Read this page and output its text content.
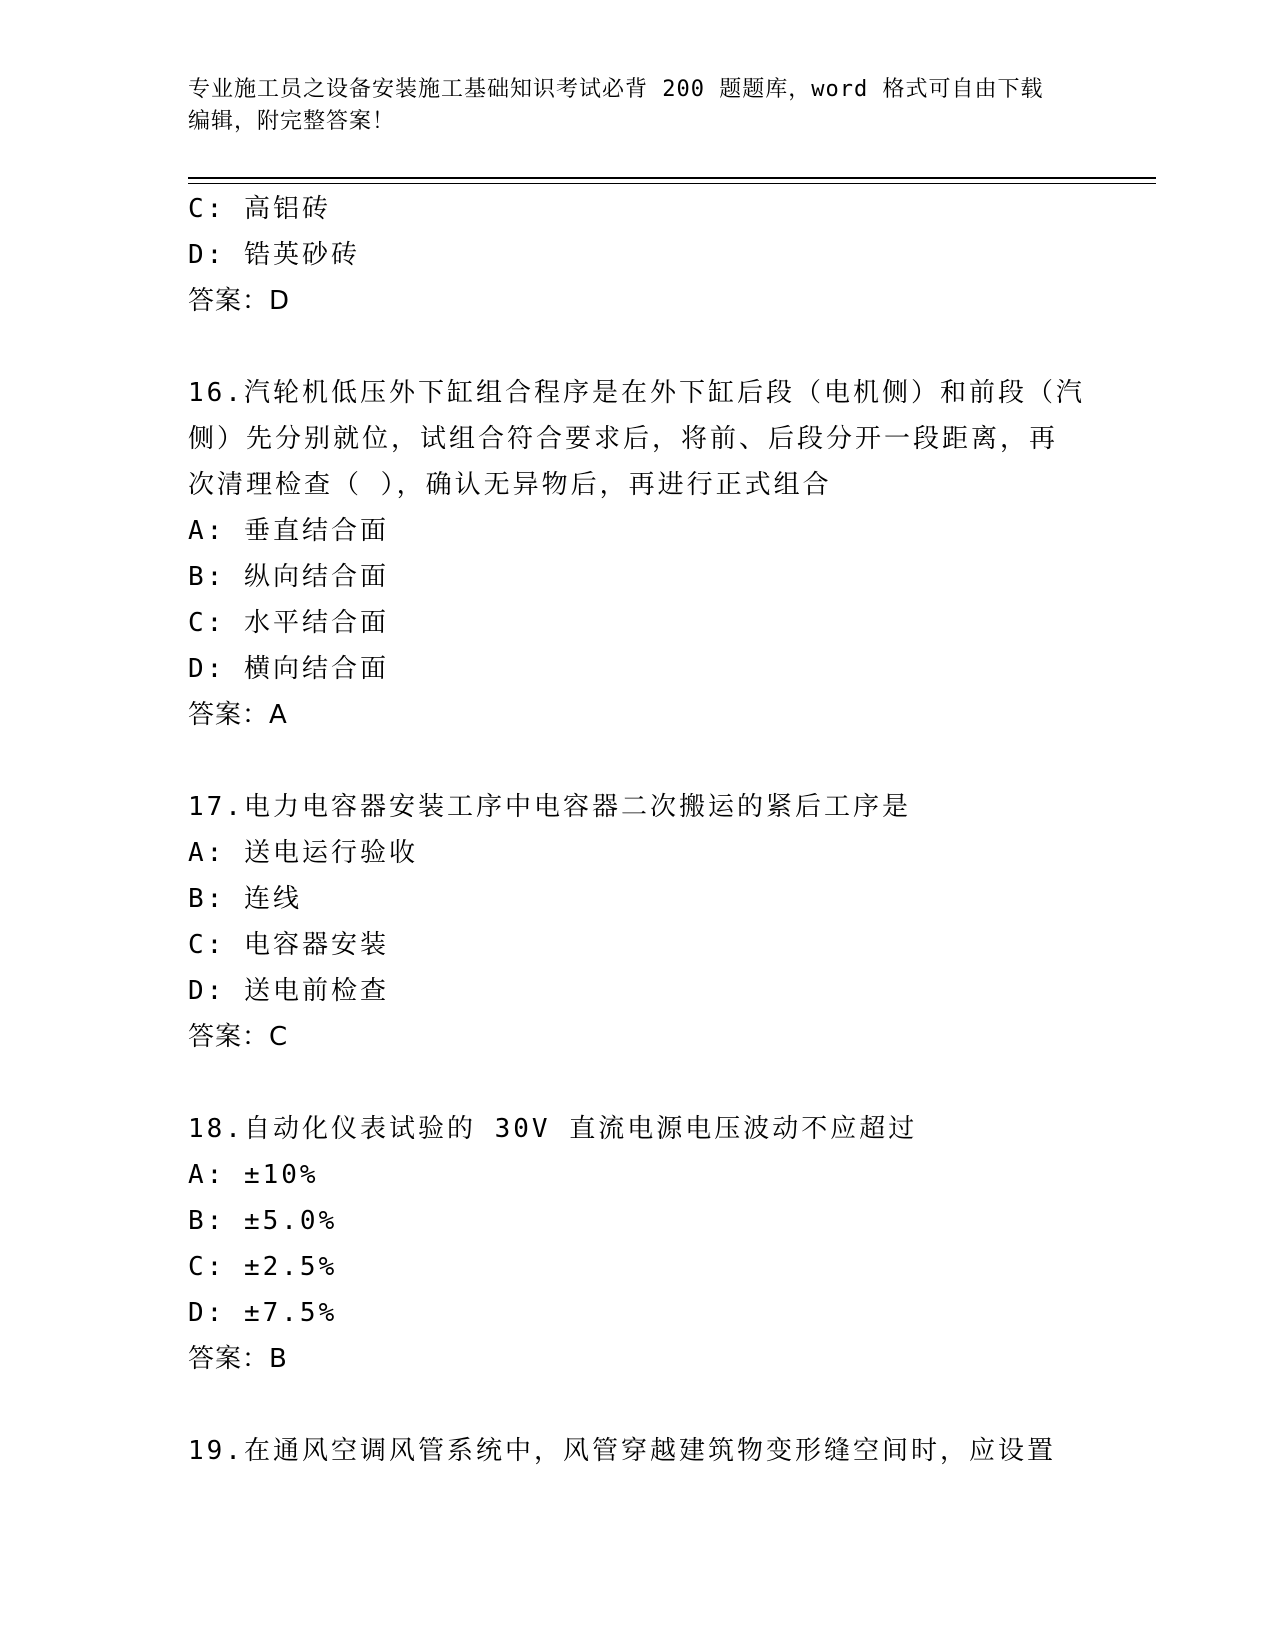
专业施工员之设备安装施工基础知识考试必背 200 题题库，word 格式可自由下载
编辑，附完整答案！
C: 高铝砖
D: 锆英砂砖
答案：D
16.汽轮机低压外下缸组合程序是在外下缸后段（电机侧）和前段（汽
侧）先分别就位，试组合符合要求后，将前、后段分开一段距离，再
次清理检查（ ），确认无异物后，再进行正式组合
A: 垂直结合面
B: 纵向结合面
C: 水平结合面
D: 横向结合面
答案：A
17.电力电容器安装工序中电容器二次搬运的紧后工序是
A: 送电运行验收
B: 连线
C: 电容器安装
D: 送电前检查
答案：C
18.自动化仪表试验的 30V 直流电源电压波动不应超过
A: ±10%
B: ±5.0%
C: ±2.5%
D: ±7.5%
答案：B
19.在通风空调风管系统中，风管穿越建筑物变形缝空间时，应设置
